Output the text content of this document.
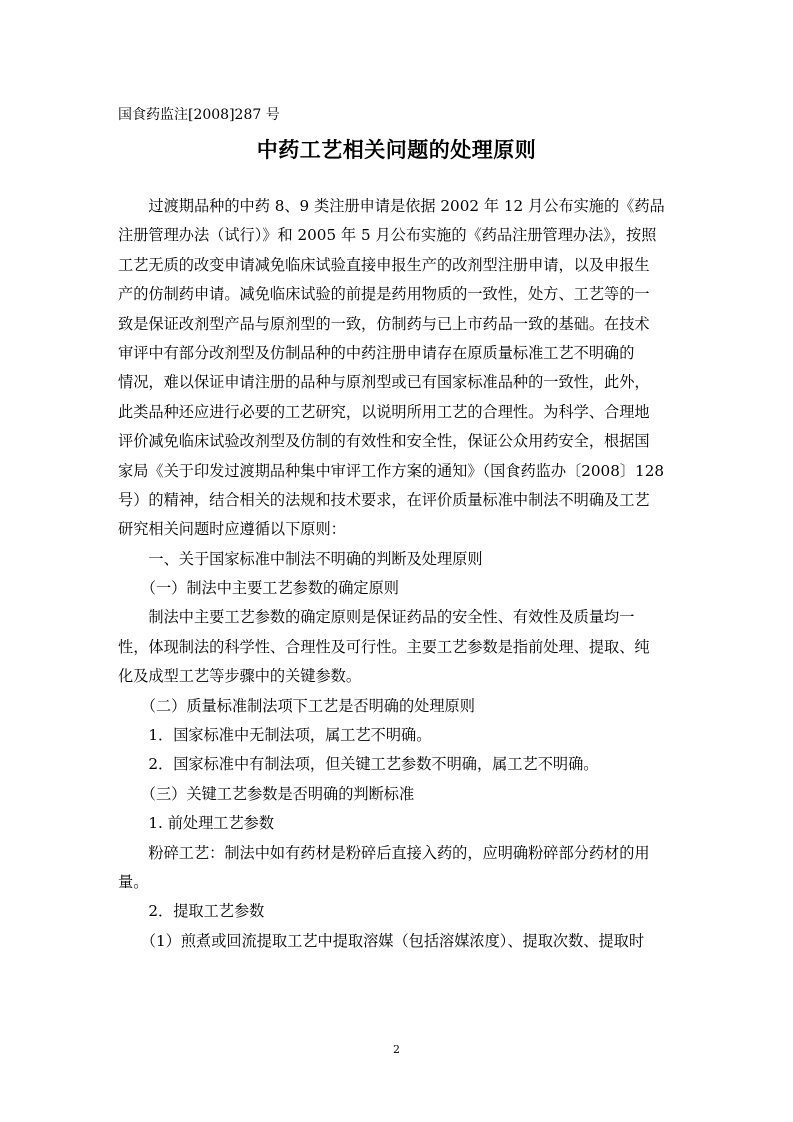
国食药监注[2008]287 号
中药工艺相关问题的处理原则
　　过渡期品种的中药 8、9 类注册申请是依据 2002 年 12 月公布实施的《药品
注册管理办法（试行）》和 2005 年 5 月公布实施的《药品注册管理办法》，按照
工艺无质的改变申请减免临床试验直接申报生产的改剂型注册申请，以及申报生
产的仿制药申请。减免临床试验的前提是药用物质的一致性，处方、工艺等的一
致是保证改剂型产品与原剂型的一致，仿制药与已上市药品一致的基础。在技术
审评中有部分改剂型及仿制品种的中药注册申请存在原质量标准工艺不明确的
情况，难以保证申请注册的品种与原剂型或已有国家标准品种的一致性，此外，
此类品种还应进行必要的工艺研究，以说明所用工艺的合理性。为科学、合理地
评价减免临床试验改剂型及仿制的有效性和安全性，保证公众用药安全，根据国
家局《关于印发过渡期品种集中审评工作方案的通知》（国食药监办〔2008〕128
号）的精神，结合相关的法规和技术要求，在评价质量标准中制法不明确及工艺
研究相关问题时应遵循以下原则：
　　一、关于国家标准中制法不明确的判断及处理原则
　　（一）制法中主要工艺参数的确定原则
　　制法中主要工艺参数的确定原则是保证药品的安全性、有效性及质量均一
性，体现制法的科学性、合理性及可行性。主要工艺参数是指前处理、提取、纯
化及成型工艺等步骤中的关键参数。
　　（二）质量标准制法项下工艺是否明确的处理原则
　　1．国家标准中无制法项，属工艺不明确。
　　2．国家标准中有制法项，但关键工艺参数不明确，属工艺不明确。
　　（三）关键工艺参数是否明确的判断标准
　　1. 前处理工艺参数
　　粉碎工艺：制法中如有药材是粉碎后直接入药的，应明确粉碎部分药材的用
量。
　　2．提取工艺参数
　　（1）煎煮或回流提取工艺中提取溶媒（包括溶媒浓度）、提取次数、提取时
2
